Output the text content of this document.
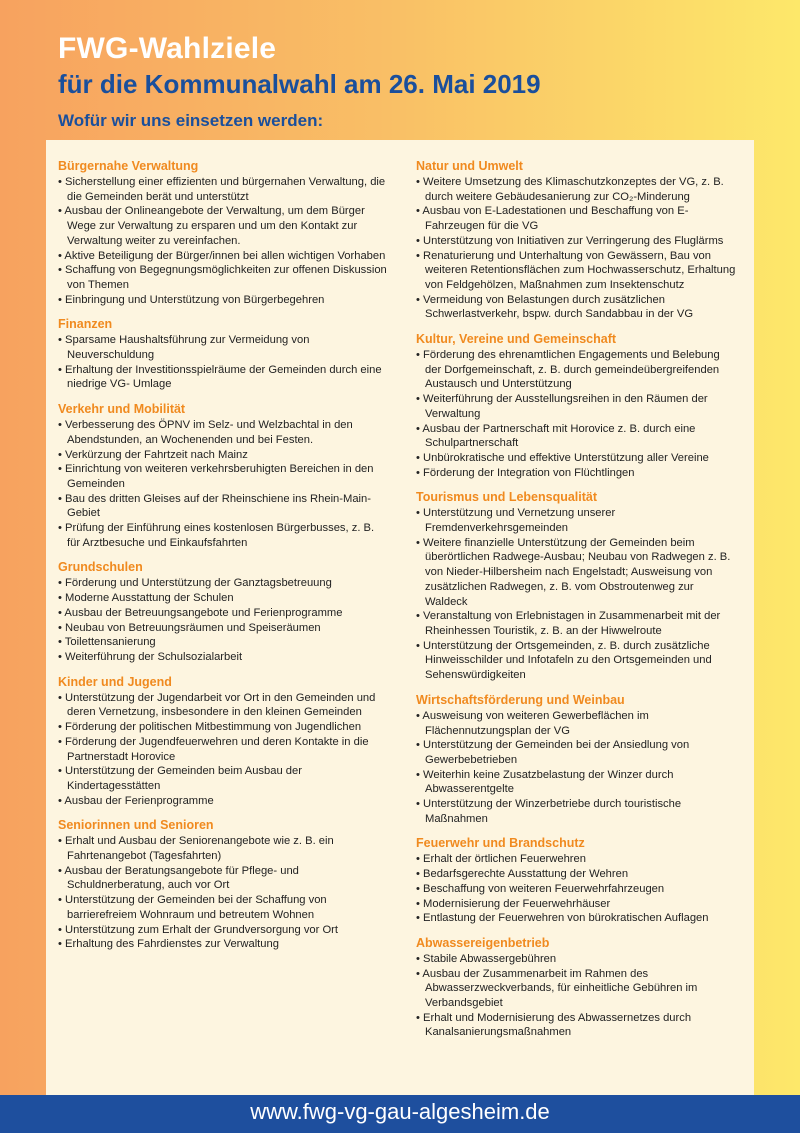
FWG-Wahlziele
für die Kommunalwahl am 26. Mai 2019
Wofür wir uns einsetzen werden:
Bürgernahe Verwaltung
• Sicherstellung einer effizienten und bürgernahen Verwaltung, die die Gemeinden berät und unterstützt
• Ausbau der Onlineangebote der Verwaltung, um dem Bürger Wege zur Verwaltung zu ersparen und um den Kontakt zur Verwaltung weiter zu vereinfachen.
• Aktive Beteiligung der Bürger/innen bei allen wichtigen Vorhaben
• Schaffung von Begegnungsmöglichkeiten zur offenen Diskussion von Themen
• Einbringung und Unterstützung von Bürgerbegehren
Finanzen
• Sparsame Haushaltsführung zur Vermeidung von Neuverschuldung
• Erhaltung der Investitionsspielräume der Gemeinden durch eine niedrige VG- Umlage
Verkehr und Mobilität
• Verbesserung des ÖPNV im Selz- und Welzbachtal in den Abendstunden, an Wochenenden und bei Festen.
• Verkürzung der Fahrtzeit nach Mainz
• Einrichtung von weiteren verkehrsberuhigten Bereichen in den Gemeinden
• Bau des dritten Gleises auf der Rheinschiene ins Rhein-Main-Gebiet
• Prüfung der Einführung eines kostenlosen Bürgerbusses, z. B. für Arztbesuche und Einkaufsfahrten
Grundschulen
• Förderung und Unterstützung der Ganztagsbetreuung
• Moderne Ausstattung der Schulen
• Ausbau der Betreuungsangebote und Ferienprogramme
• Neubau von Betreuungsräumen und Speiseräumen
• Toilettensanierung
• Weiterführung der Schulsozialarbeit
Kinder und Jugend
• Unterstützung der Jugendarbeit vor Ort in den Gemeinden und deren Vernetzung, insbesondere in den kleinen Gemeinden
• Förderung der politischen Mitbestimmung von Jugendlichen
• Förderung der Jugendfeuerwehren und deren Kontakte in die Partnerstadt Horovice
• Unterstützung der Gemeinden beim Ausbau der Kindertagesstätten
• Ausbau der Ferienprogramme
Seniorinnen und Senioren
• Erhalt und Ausbau der Seniorenangebote wie z. B. ein Fahrtenangebot (Tagesfahrten)
• Ausbau der Beratungsangebote für Pflege- und Schuldnerberatung, auch vor Ort
• Unterstützung der Gemeinden bei der Schaffung von barrierefreiem Wohnraum und betreutem Wohnen
• Unterstützung zum Erhalt der Grundversorgung vor Ort
• Erhaltung des Fahrdienstes zur Verwaltung
Natur und Umwelt
• Weitere Umsetzung des Klimaschutzkonzeptes der VG, z. B. durch weitere Gebäudesanierung zur CO₂-Minderung
• Ausbau von E-Ladestationen und Beschaffung von E-Fahrzeugen für die VG
• Unterstützung von Initiativen zur Verringerung des Fluglärms
• Renaturierung und Unterhaltung von Gewässern, Bau von weiteren Retentionsflächen zum Hochwasserschutz, Erhaltung von Feldgehölzen, Maßnahmen zum Insektenschutz
• Vermeidung von Belastungen durch zusätzlichen Schwerlastverkehr, bspw. durch Sandabbau in der VG
Kultur, Vereine und Gemeinschaft
• Förderung des ehrenamtlichen Engagements und Belebung der Dorfgemeinschaft, z. B. durch gemeindeübergreifenden Austausch und Unterstützung
• Weiterführung der Ausstellungsreihen in den Räumen der Verwaltung
• Ausbau der Partnerschaft mit Horovice z. B. durch eine Schulpartnerschaft
• Unbürokratische und effektive Unterstützung aller Vereine
• Förderung der Integration von Flüchtlingen
Tourismus und Lebensqualität
• Unterstützung und Vernetzung unserer Fremdenverkehrsgemeinden
• Weitere finanzielle Unterstützung der Gemeinden beim überörtlichen Radwege-Ausbau; Neubau von Radwegen z. B. von Nieder-Hilbersheim nach Engelstadt; Ausweisung von zusätzlichen Radwegen, z. B. vom Obstroutenweg zur Waldeck
• Veranstaltung von Erlebnistagen in Zusammenarbeit mit der Rheinhessen Touristik, z. B. an der Hiwwelroute
• Unterstützung der Ortsgemeinden, z. B. durch zusätzliche Hinweisschilder und Infotafeln zu den Ortsgemeinden und Sehenswürdigkeiten
Wirtschaftsförderung und Weinbau
• Ausweisung von weiteren Gewerbeflächen im Flächennutzungsplan der VG
• Unterstützung der Gemeinden bei der Ansiedlung von Gewerbebetrieben
• Weiterhin keine Zusatzbelastung der Winzer durch Abwasserentgelte
• Unterstützung der Winzerbetriebe durch touristische Maßnahmen
Feuerwehr und Brandschutz
• Erhalt der örtlichen Feuerwehren
• Bedarfsgerechte Ausstattung der Wehren
• Beschaffung von weiteren Feuerwehrfahrzeugen
• Modernisierung der Feuerwehrhäuser
• Entlastung der Feuerwehren von bürokratischen Auflagen
Abwassereigenbetrieb
• Stabile Abwassergebühren
• Ausbau der Zusammenarbeit im Rahmen des Abwasserzweckverbands, für einheitliche Gebühren im Verbandsgebiet
• Erhalt und Modernisierung des Abwassernetzes durch Kanalsanierungsmaßnahmen
www.fwg-vg-gau-algesheim.de
